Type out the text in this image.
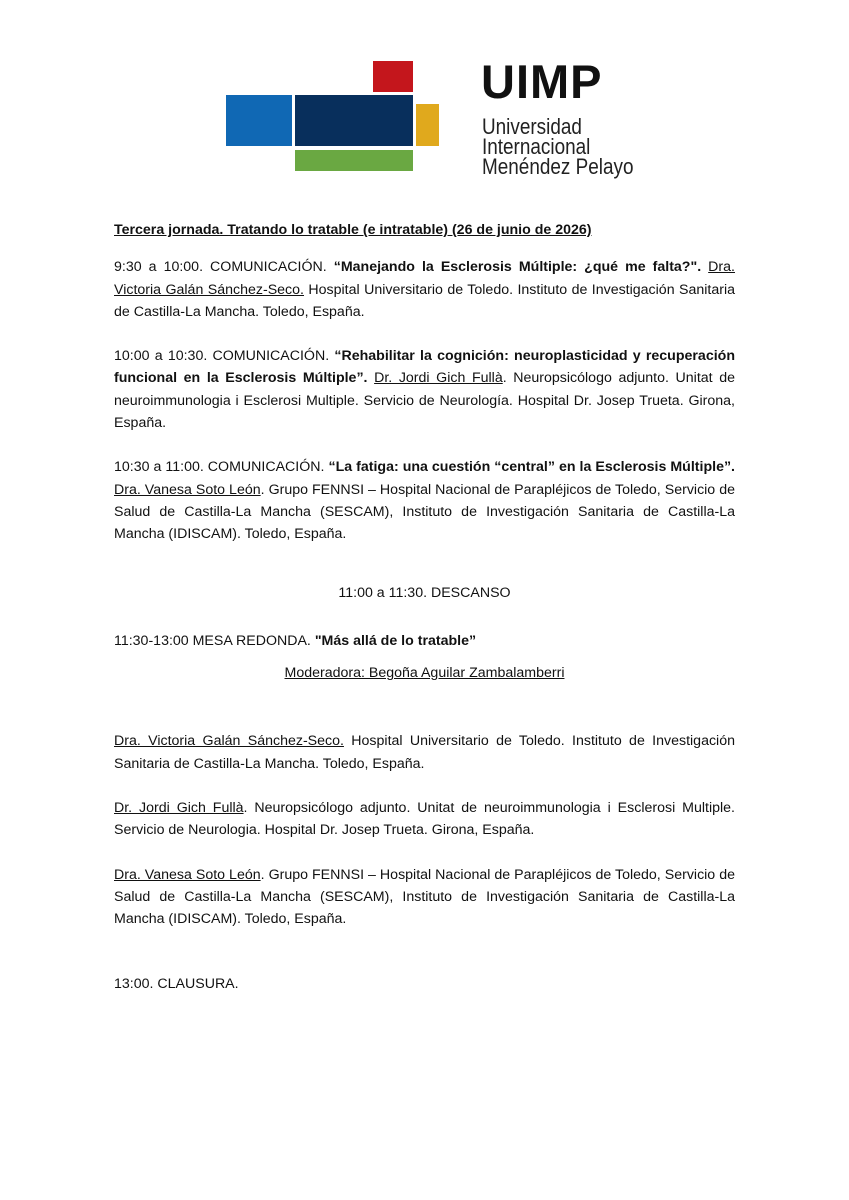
UIMP
Universidad
Internacional
Menéndez Pelayo

Tercera jornada. Tratando lo tratable (e intratable) (26 de junio de 2026)

9:30 a 10:00. COMUNICACIÓN. “Manejando la Esclerosis Múltiple: ¿qué me falta?". Dra. Victoria Galán Sánchez-Seco. Hospital Universitario de Toledo. Instituto de Investigación Sanitaria de Castilla-La Mancha. Toledo, España.

10:00 a 10:30. COMUNICACIÓN. “Rehabilitar la cognición: neuroplasticidad y recuperación funcional en la Esclerosis Múltiple”. Dr. Jordi Gich Fullà. Neuropsicólogo adjunto. Unitat de neuroimmunologia i Esclerosi Multiple. Servicio de Neurología. Hospital Dr. Josep Trueta. Girona, España.

10:30 a 11:00. COMUNICACIÓN. “La fatiga: una cuestión “central” en la Esclerosis Múltiple”. Dra. Vanesa Soto León. Grupo FENNSI – Hospital Nacional de Parapléjicos de Toledo, Servicio de Salud de Castilla-La Mancha (SESCAM), Instituto de Investigación Sanitaria de Castilla-La Mancha (IDISCAM). Toledo, España.

11:00 a 11:30. DESCANSO

11:30-13:00 MESA REDONDA. "Más allá de lo tratable”

Moderadora: Begoña Aguilar Zambalamberri

Dra. Victoria Galán Sánchez-Seco. Hospital Universitario de Toledo. Instituto de Investigación Sanitaria de Castilla-La Mancha. Toledo, España.

Dr. Jordi Gich Fullà. Neuropsicólogo adjunto. Unitat de neuroimmunologia i Esclerosi Multiple. Servicio de Neurologia. Hospital Dr. Josep Trueta. Girona, España.

Dra. Vanesa Soto León. Grupo FENNSI – Hospital Nacional de Parapléjicos de Toledo, Servicio de Salud de Castilla-La Mancha (SESCAM), Instituto de Investigación Sanitaria de Castilla-La Mancha (IDISCAM). Toledo, España.

13:00. CLAUSURA.
